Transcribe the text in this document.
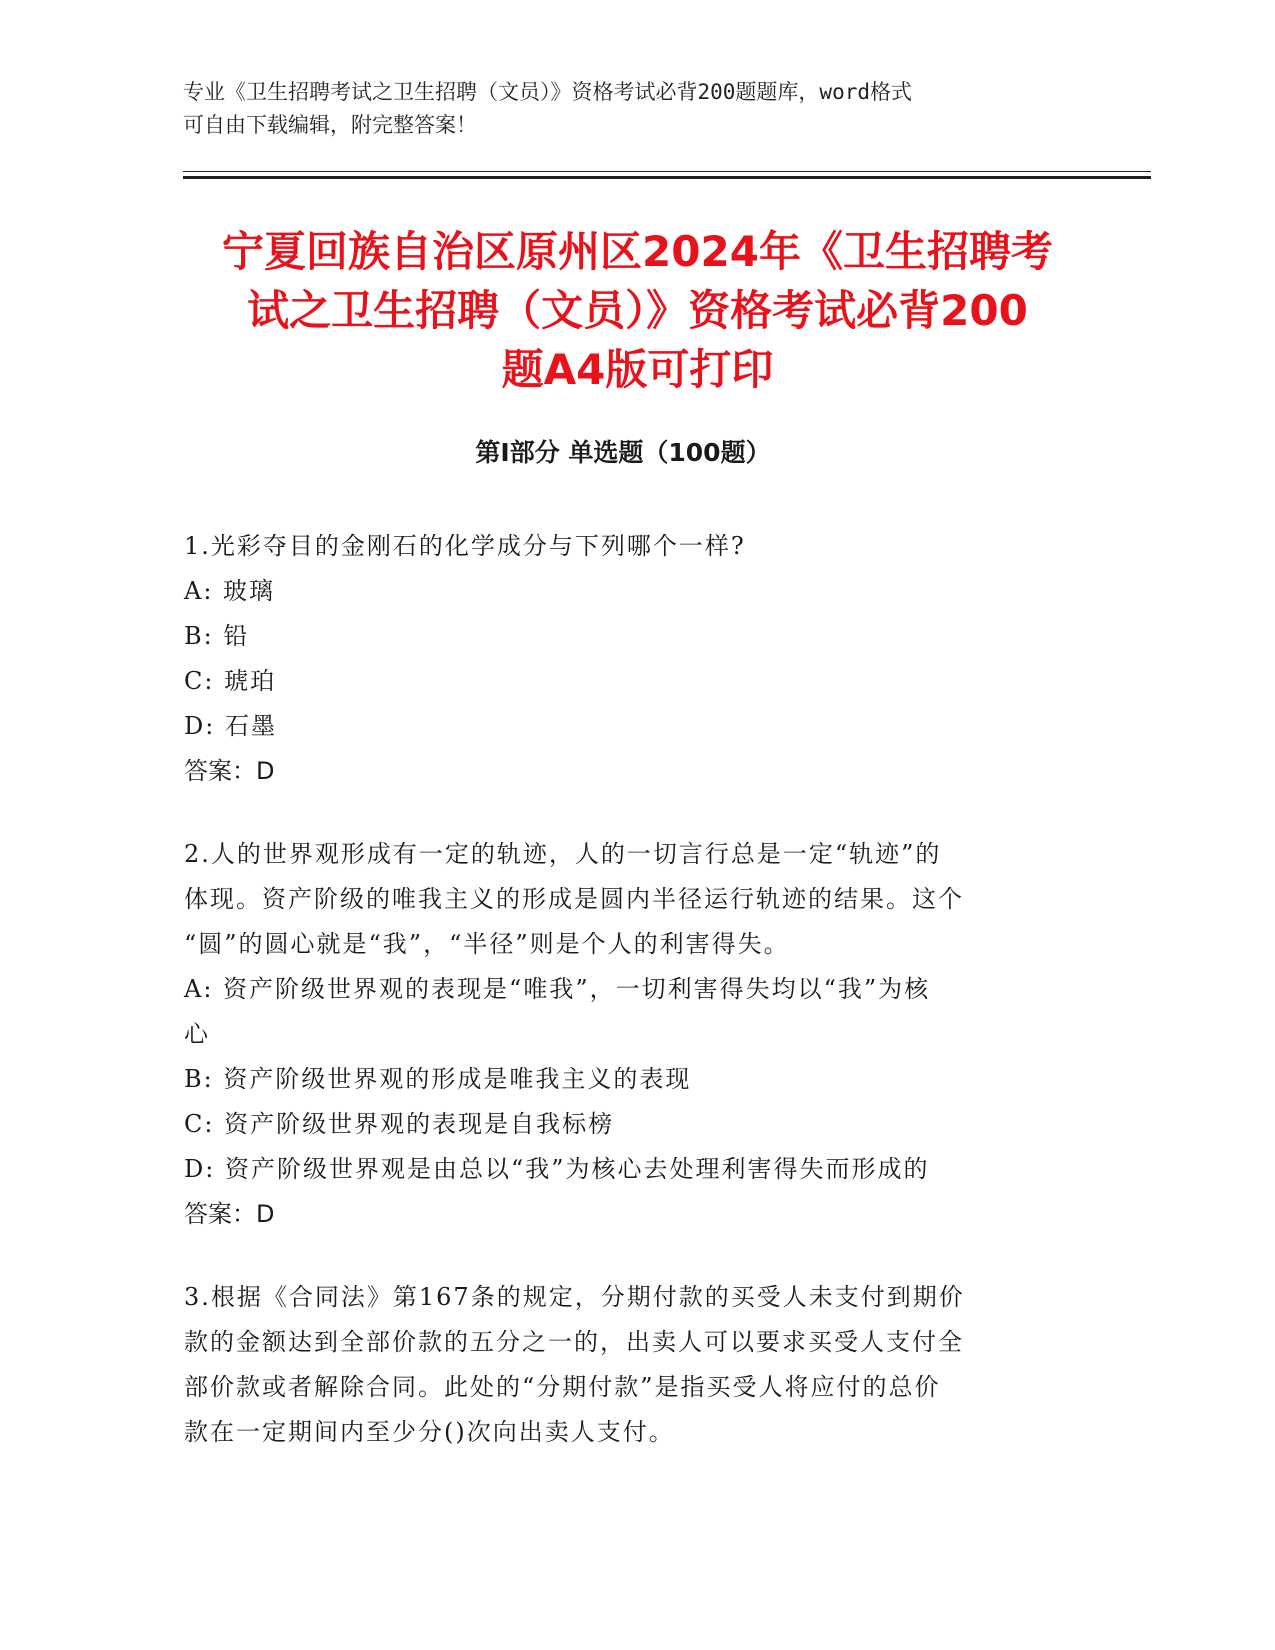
专业《卫生招聘考试之卫生招聘（文员）》资格考试必背200题题库，word格式
可自由下载编辑，附完整答案！
宁夏回族自治区原州区2024年《卫生招聘考
试之卫生招聘（文员）》资格考试必背200
题A4版可打印
第I部分 单选题（100题）
1.光彩夺目的金刚石的化学成分与下列哪个一样?
A: 玻璃
B: 铅
C: 琥珀
D: 石墨
答案：D
2.人的世界观形成有一定的轨迹，人的一切言行总是一定“轨迹”的
体现。资产阶级的唯我主义的形成是圆内半径运行轨迹的结果。这个
“圆”的圆心就是“我”，“半径”则是个人的利害得失。
A: 资产阶级世界观的表现是“唯我”，一切利害得失均以“我”为核
心
B: 资产阶级世界观的形成是唯我主义的表现
C: 资产阶级世界观的表现是自我标榜
D: 资产阶级世界观是由总以“我”为核心去处理利害得失而形成的
答案：D
3.根据《合同法》第167条的规定，分期付款的买受人未支付到期价
款的金额达到全部价款的五分之一的，出卖人可以要求买受人支付全
部价款或者解除合同。此处的“分期付款”是指买受人将应付的总价
款在一定期间内至少分()次向出卖人支付。
